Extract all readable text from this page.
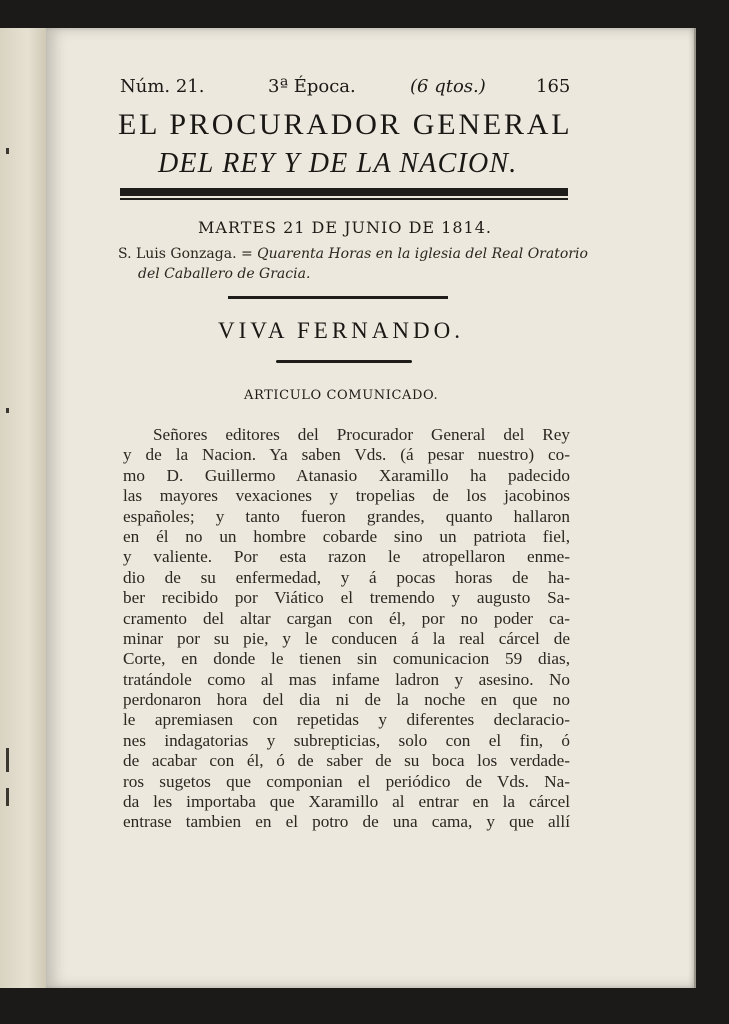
Núm. 21.	3ª Época.	(6 qtos.)	165
EL PROCURADOR GENERAL
DEL REY Y DE LA NACION.
MARTES 21 DE JUNIO DE 1814.
S. Luis Gonzaga. = Quarenta Horas en la iglesia del Real Oratorio
del Caballero de Gracia.
VIVA FERNANDO.
ARTICULO COMUNICADO.
Señores editores del Procurador General del Rey
y de la Nacion. Ya saben Vds. (á pesar nuestro) co-
mo D. Guillermo Atanasio Xaramillo ha padecido
las mayores vexaciones y tropelias de los jacobinos
españoles; y tanto fueron grandes, quanto hallaron
en él no un hombre cobarde sino un patriota fiel,
y valiente. Por esta razon le atropellaron enme-
dio de su enfermedad, y á pocas horas de ha-
ber recibido por Viático el tremendo y augusto Sa-
cramento del altar cargan con él, por no poder ca-
minar por su pie, y le conducen á la real cárcel de
Corte, en donde le tienen sin comunicacion 59 dias,
tratándole como al mas infame ladron y asesino. No
perdonaron hora del dia ni de la noche en que no
le apremiasen con repetidas y diferentes declaracio-
nes indagatorias y subrepticias, solo con el fin, ó
de acabar con él, ó de saber de su boca los verdade-
ros sugetos que componian el periódico de Vds. Na-
da les importaba que Xaramillo al entrar en la cárcel
entrase tambien en el potro de una cama, y que allí
